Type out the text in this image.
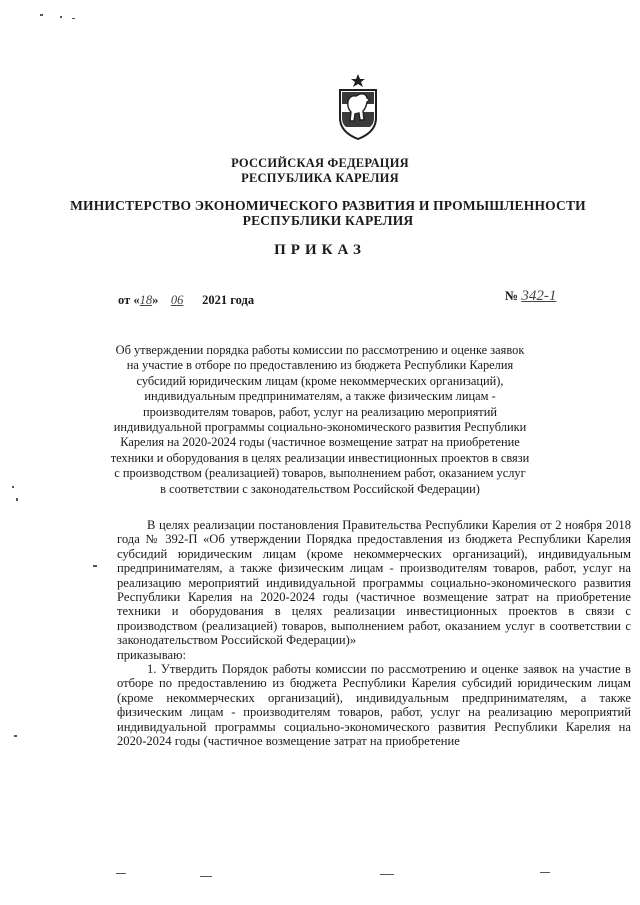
РОССИЙСКАЯ ФЕДЕРАЦИЯ
РЕСПУБЛИКА КАРЕЛИЯ
МИНИСТЕРСТВО ЭКОНОМИЧЕСКОГО РАЗВИТИЯ И ПРОМЫШЛЕННОСТИ
РЕСПУБЛИКИ КАРЕЛИЯ
ПРИКАЗ
от «18»    06 2021 года	№ 342-1
Об утверждении порядка работы комиссии по рассмотрению и оценке заявок на участие в отборе по предоставлению из бюджета Республики Карелия субсидий юридическим лицам (кроме некоммерческих организаций), индивидуальным предпринимателям, а также физическим лицам - производителям товаров, работ, услуг на реализацию мероприятий индивидуальной программы социально-экономического развития Республики Карелия на 2020-2024 годы (частичное возмещение затрат на приобретение техники и оборудования в целях реализации инвестиционных проектов в связи с производством (реализацией) товаров, выполнением работ, оказанием услуг в соответствии с законодательством Российской Федерации)

В целях реализации постановления Правительства Республики Карелия от 2 ноября 2018 года № 392-П «Об утверждении Порядка предоставления из бюджета Республики Карелия субсидий юридическим лицам (кроме некоммерческих организаций), индивидуальным предпринимателям, а также физическим лицам - производителям товаров, работ, услуг на реализацию мероприятий индивидуальной программы социально-экономического развития Республики Карелия на 2020-2024 годы (частичное возмещение затрат на приобретение техники и оборудования в целях реализации инвестиционных проектов в связи с производством (реализацией) товаров, выполнением работ, оказанием услуг в соответствии с законодательством Российской Федерации)»

приказываю:

1. Утвердить Порядок работы комиссии по рассмотрению и оценке заявок на участие в отборе по предоставлению из бюджета Республики Карелия субсидий юридическим лицам (кроме некоммерческих организаций), индивидуальным предпринимателям, а также физическим лицам - производителям товаров, работ, услуг на реализацию мероприятий индивидуальной программы социально-экономического развития Республики Карелия на 2020-2024 годы (частичное возмещение затрат на приобретение
